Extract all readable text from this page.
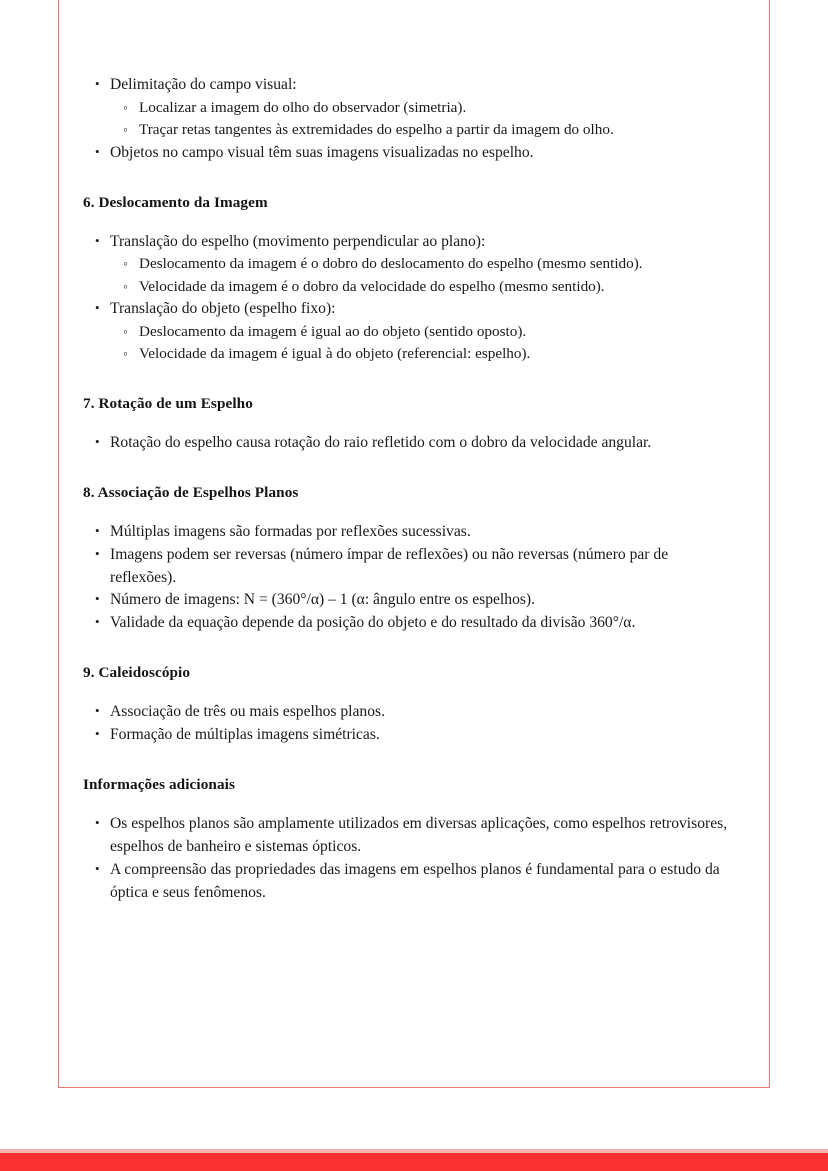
• Delimitação do campo visual:
◦ Localizar a imagem do olho do observador (simetria).
◦ Traçar retas tangentes às extremidades do espelho a partir da imagem do olho.
• Objetos no campo visual têm suas imagens visualizadas no espelho.

6. Deslocamento da Imagem

• Translação do espelho (movimento perpendicular ao plano):
◦ Deslocamento da imagem é o dobro do deslocamento do espelho (mesmo sentido).
◦ Velocidade da imagem é o dobro da velocidade do espelho (mesmo sentido).
• Translação do objeto (espelho fixo):
◦ Deslocamento da imagem é igual ao do objeto (sentido oposto).
◦ Velocidade da imagem é igual à do objeto (referencial: espelho).

7. Rotação de um Espelho

• Rotação do espelho causa rotação do raio refletido com o dobro da velocidade angular.

8. Associação de Espelhos Planos

• Múltiplas imagens são formadas por reflexões sucessivas.
• Imagens podem ser reversas (número ímpar de reflexões) ou não reversas (número par de reflexões).
• Número de imagens: N = (360°/α) – 1 (α: ângulo entre os espelhos).
• Validade da equação depende da posição do objeto e do resultado da divisão 360°/α.

9. Caleidoscópio

• Associação de três ou mais espelhos planos.
• Formação de múltiplas imagens simétricas.

Informações adicionais

• Os espelhos planos são amplamente utilizados em diversas aplicações, como espelhos retrovisores, espelhos de banheiro e sistemas ópticos.
• A compreensão das propriedades das imagens em espelhos planos é fundamental para o estudo da óptica e seus fenômenos.
